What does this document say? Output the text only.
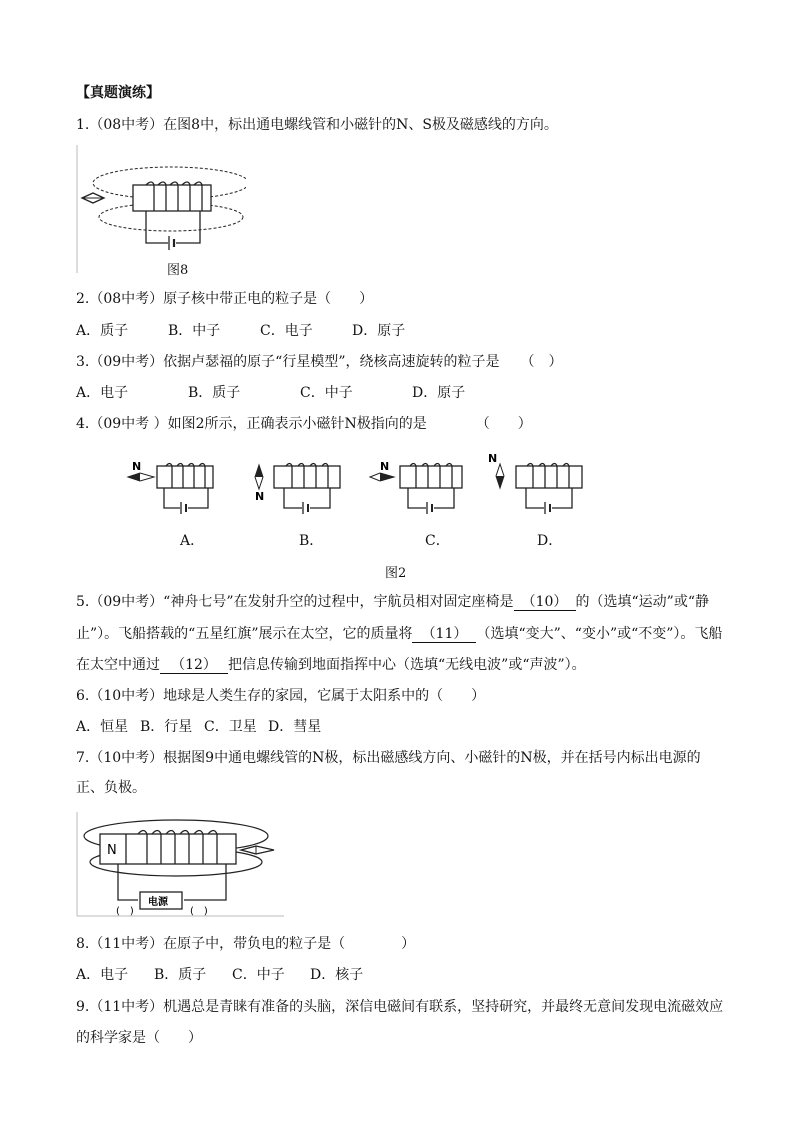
【真题演练】
1.（08中考）在图8中，标出通电螺线管和小磁针的N、S极及磁感线的方向。
图8
2.（08中考）原子核中带正电的粒子是（　　）
A．质子	B．中子	C．电子	D．原子
3.（09中考）依据卢瑟福的原子“行星模型”，绕核高速旋转的粒子是　　（　）
A．电子	B．质子	C．中子	D．原子
4.（09中考 ）如图2所示，正确表示小磁针N极指向的是　　　　（　　）
N
N
N
N
A．	B．	C．	D．
图2
5.（09中考）“神舟七号”在发射升空的过程中，宇航员相对固定座椅是 （10） 的（选填“运动”或“静
止”）。飞船搭载的“五星红旗”展示在太空，它的质量将 （11） （选填“变大”、“变小”或“不变”）。飞船
在太空中通过 （12） 把信息传输到地面指挥中心（选填“无线电波”或“声波”）。
6.（10中考）地球是人类生存的家园，它属于太阳系中的（　　）
A．恒星 B．行星 C．卫星 D．彗星
7.（10中考）根据图9中通电螺线管的N极，标出磁感线方向、小磁针的N极，并在括号内标出电源的
正、负极。
N
电源
(　)	(　)
8.（11中考）在原子中，带负电的粒子是（　　　　）
A．电子 B．质子 C．中子 D．核子
9.（11中考）机遇总是青睐有准备的头脑，深信电磁间有联系，坚持研究，并最终无意间发现电流磁效应
的科学家是（　　）
